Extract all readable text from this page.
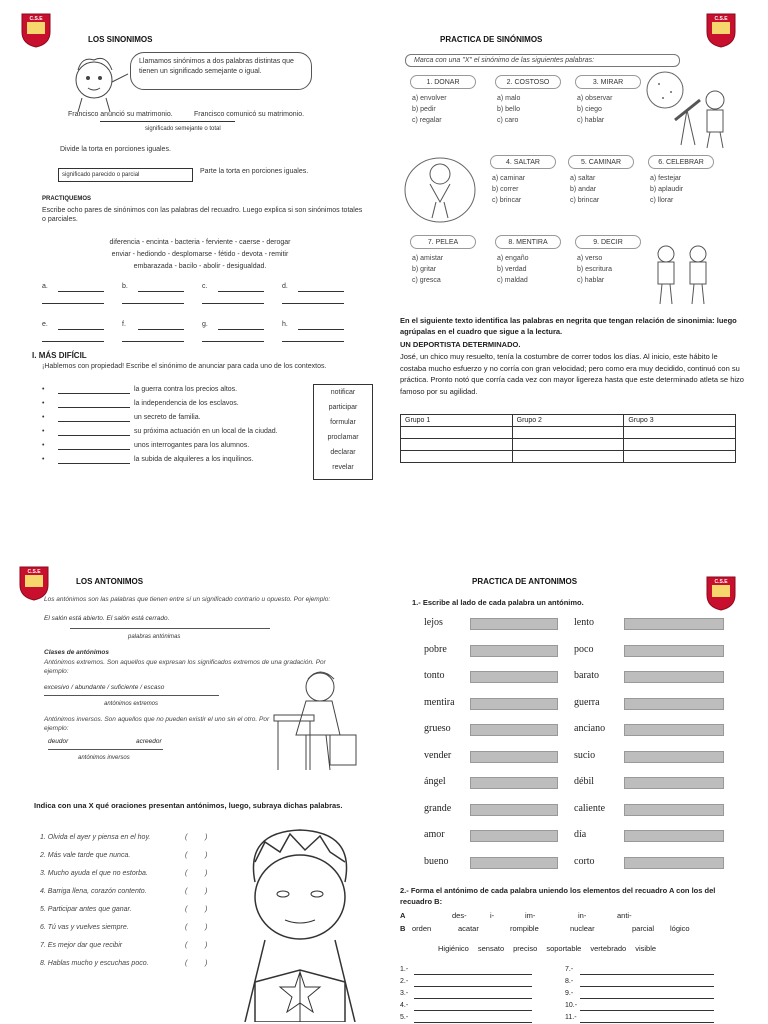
C.S.E	C.S.E
C.S.E
C.S.E
LOS SINONIMOS
Llamamos sinónimos a dos palabras distintas que tienen un significado semejante o igual.
Francisco anunció su matrimonio.	Francisco comunicó su matrimonio.
significado semejante o total
Divide la torta en porciones iguales.
Parte la torta en porciones iguales.
significado parecido o parcial
PRACTIQUEMOS
Escribe ocho pares de sinónimos con las palabras del recuadro. Luego explica si son sinónimos totales o parciales.
diferencia - encinta - bacteria - ferviente - caerse - derogar
enviar - hediondo - desplomarse - fétido - devota - remitir
embarazada - bacilo - abolir - desigualdad.
a.	b.	c.	d.
e.	f.	g.	h.
I. MÁS DIFÍCIL
¡Hablemos con propiedad! Escribe el sinónimo de anunciar para cada uno de los contextos.
•	la guerra contra los precios altos.
•	la independencia de los esclavos.
•	un secreto de familia.
•	su próxima actuación en un local de la ciudad.
•	unos interrogantes para los alumnos.
•	la subida de alquileres a los inquilinos.
notificar
participar
formular
proclamar
declarar
revelar
PRACTICA DE SINÓNIMOS
Marca con una "X" el sinónimo de las siguientes palabras:
1. DONAR
a) envolver
b) pedir
c) regalar
2. COSTOSO
a) malo
b) bello
c) caro
3. MIRAR
a) observar
b) ciego
c) hablar
4. SALTAR
a) caminar
b) correr
c) brincar
5. CAMINAR
a) saltar
b) andar
c) brincar
6. CELEBRAR
a) festejar
b) aplaudir
c) llorar
7. PELEA
a) amistar
b) gritar
c) gresca
8. MENTIRA
a) engaño
b) verdad
c) maldad
9. DECIR
a) verso
b) escritura
c) hablar
En el siguiente texto identifica las palabras en negrita que tengan relación de sinonimia: luego agrúpalas en el cuadro que sigue a la lectura.
UN DEPORTISTA DETERMINADO.
José, un chico muy resuelto, tenía la costumbre de correr todos los días. Al inicio, este hábito le costaba mucho esfuerzo y no corría con gran velocidad; pero como era muy decidido, continuó con su práctica. Pronto notó que corría cada vez con mayor ligereza hasta que este determinado atleta se hizo famoso por su agilidad.
Grupo 1	Grupo 2	Grupo 3

LOS ANTONIMOS
Los antónimos son las palabras que tienen entre sí un significado contrario u opuesto. Por ejemplo:
El salón está abierto. El salón está cerrado.
palabras antónimas
Clases de antónimos
Antónimos extremos. Son aquellos que expresan los significados extremos de una gradación. Por ejemplo:
excesivo / abundante / suficiente / escaso
antónimos extremos
Antónimos inversos. Son aquellos que no pueden existir el uno sin el otro. Por ejemplo:
deudor	acreedor
antónimos inversos
Indica con una X qué oraciones presentan antónimos, luego, subraya dichas palabras.
1. Olvida el ayer y piensa en el hoy.	(	)
2. Más vale tarde que nunca.	(	)
3. Mucho ayuda el que no estorba.	(	)
4. Barriga llena, corazón contento.	(	)
5. Participar antes que ganar.	(	)
6. Tú vas y vuelves siempre.	(	)
7. Es mejor dar que recibir	(	)
8. Hablas mucho y escuchas poco.	(	)
PRACTICA DE ANTONIMOS
1.- Escribe al lado de cada palabra un antónimo.
lejos	lento
pobre	poco
tonto	barato
mentira	guerra
grueso	anciano
vender	sucio
ángel	débil
grande	caliente
amor	día
bueno	corto
2.- Forma el antónimo de cada palabra uniendo los elementos del recuadro A con los del recuadro B:
A	des-	i-	im-	in-	anti-
B orden	acatar	rompible	nuclear	parcial lógico
Higiénico sensato preciso soportable vertebrado visible
1.-	7.-
2.-	8.-
3.-	9.-
4.-	10.-
5.-	11.-
